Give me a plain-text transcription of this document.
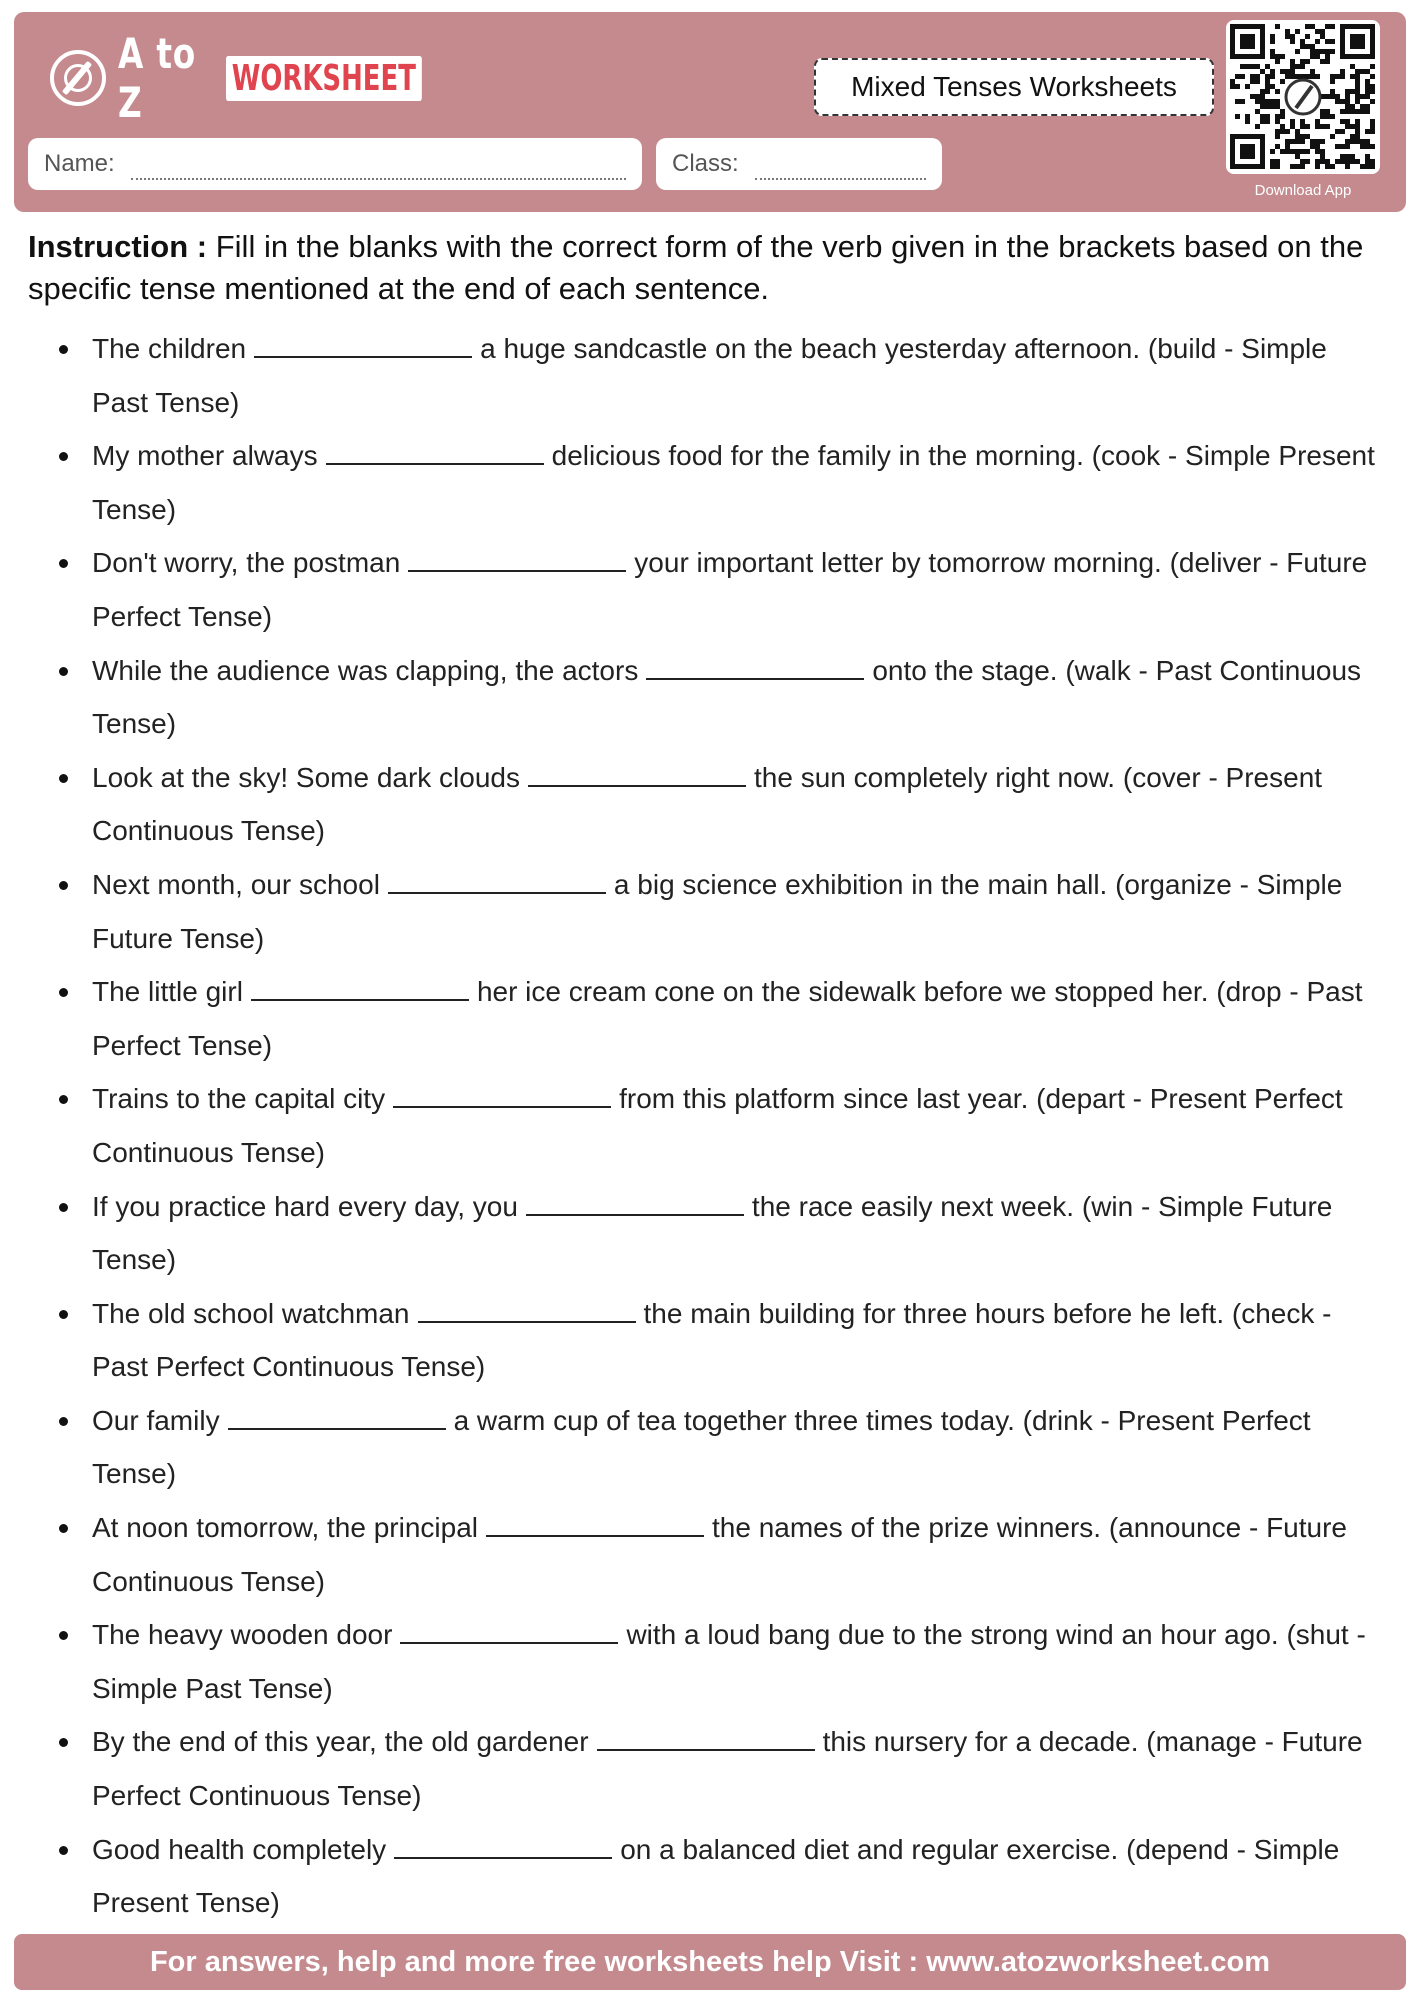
A to Z	WORKSHEET	Mixed Tenses Worksheets
Name:	Class:
Download App
Instruction : Fill in the blanks with the correct form of the verb given in the brackets based on the specific tense mentioned at the end of each sentence.
The children	a huge sandcastle on the beach yesterday afternoon. (build - Simple Past Tense)
My mother always	delicious food for the family in the morning. (cook - Simple Present Tense)
Don't worry, the postman	your important letter by tomorrow morning. (deliver - Future Perfect Tense)
While the audience was clapping, the actors	onto the stage. (walk - Past Continuous Tense)
Look at the sky! Some dark clouds	the sun completely right now. (cover - Present Continuous Tense)
Next month, our school	a big science exhibition in the main hall. (organize - Simple Future Tense)
The little girl	her ice cream cone on the sidewalk before we stopped her. (drop - Past Perfect Tense)
Trains to the capital city	from this platform since last year. (depart - Present Perfect Continuous Tense)
If you practice hard every day, you	the race easily next week. (win - Simple Future Tense)
The old school watchman	the main building for three hours before he left. (check - Past Perfect Continuous Tense)
Our family	a warm cup of tea together three times today. (drink - Present Perfect Tense)
At noon tomorrow, the principal	the names of the prize winners. (announce - Future Continuous Tense)
The heavy wooden door	with a loud bang due to the strong wind an hour ago. (shut - Simple Past Tense)
By the end of this year, the old gardener	this nursery for a decade. (manage - Future Perfect Continuous Tense)
Good health completely	on a balanced diet and regular exercise. (depend - Simple Present Tense)
For answers, help and more free worksheets help Visit : www.atozworksheet.com
